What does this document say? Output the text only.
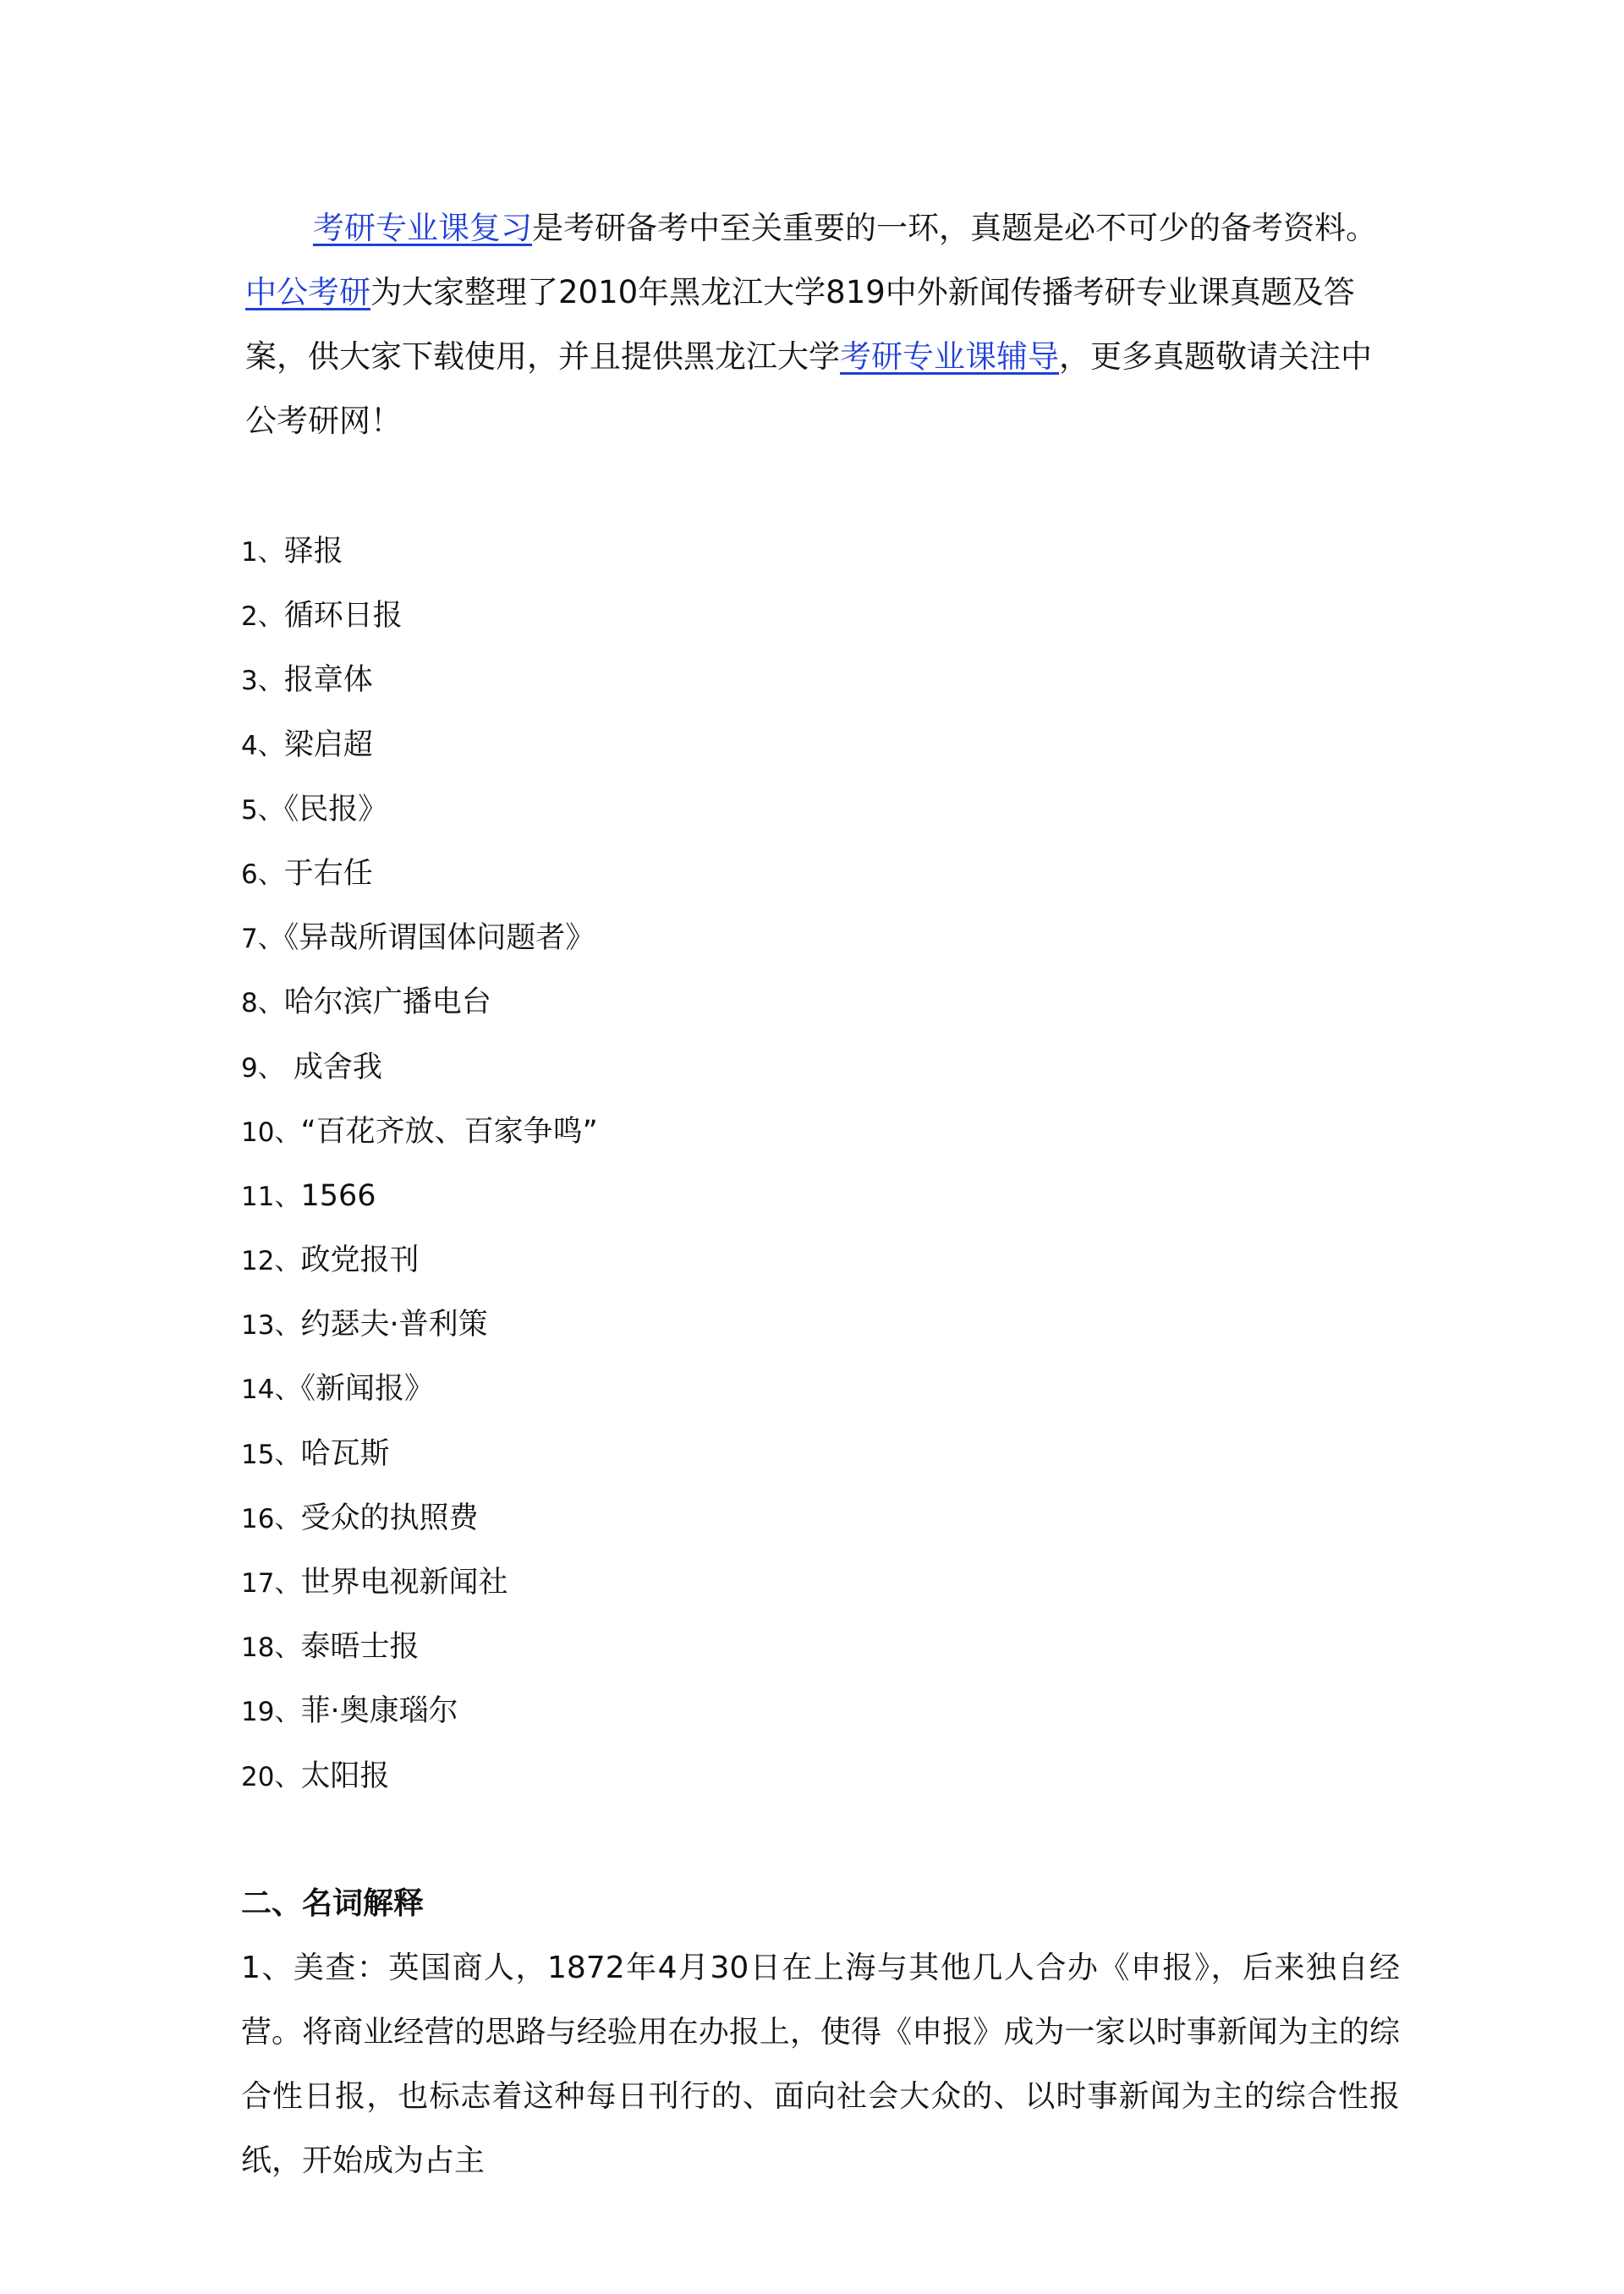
考研专业课复习是考研备考中至关重要的一环，真题是必不可少的备考资料。中公考研为大家整理了2010年黑龙江大学819中外新闻传播考研专业课真题及答案，供大家下载使用，并且提供黑龙江大学考研专业课辅导，更多真题敬请关注中公考研网！

1、驿报
2、循环日报
3、报章体
4、梁启超
5、《民报》
6、于右任
7、《异哉所谓国体问题者》
8、哈尔滨广播电台
9、 成舍我
10、“百花齐放、百家争鸣”
11、1566
12、政党报刊
13、约瑟夫·普利策
14、《新闻报》
15、哈瓦斯
16、受众的执照费
17、世界电视新闻社
18、泰晤士报
19、菲·奥康瑙尔
20、太阳报
二、名词解释

1、美查：英国商人，1872年4月30日在上海与其他几人合办《申报》，后来独自经营。将商业经营的思路与经验用在办报上，使得《申报》成为一家以时事新闻为主的综合性日报，也标志着这种每日刊行的、面向社会大众的、以时事新闻为主的综合性报纸，开始成为占主
